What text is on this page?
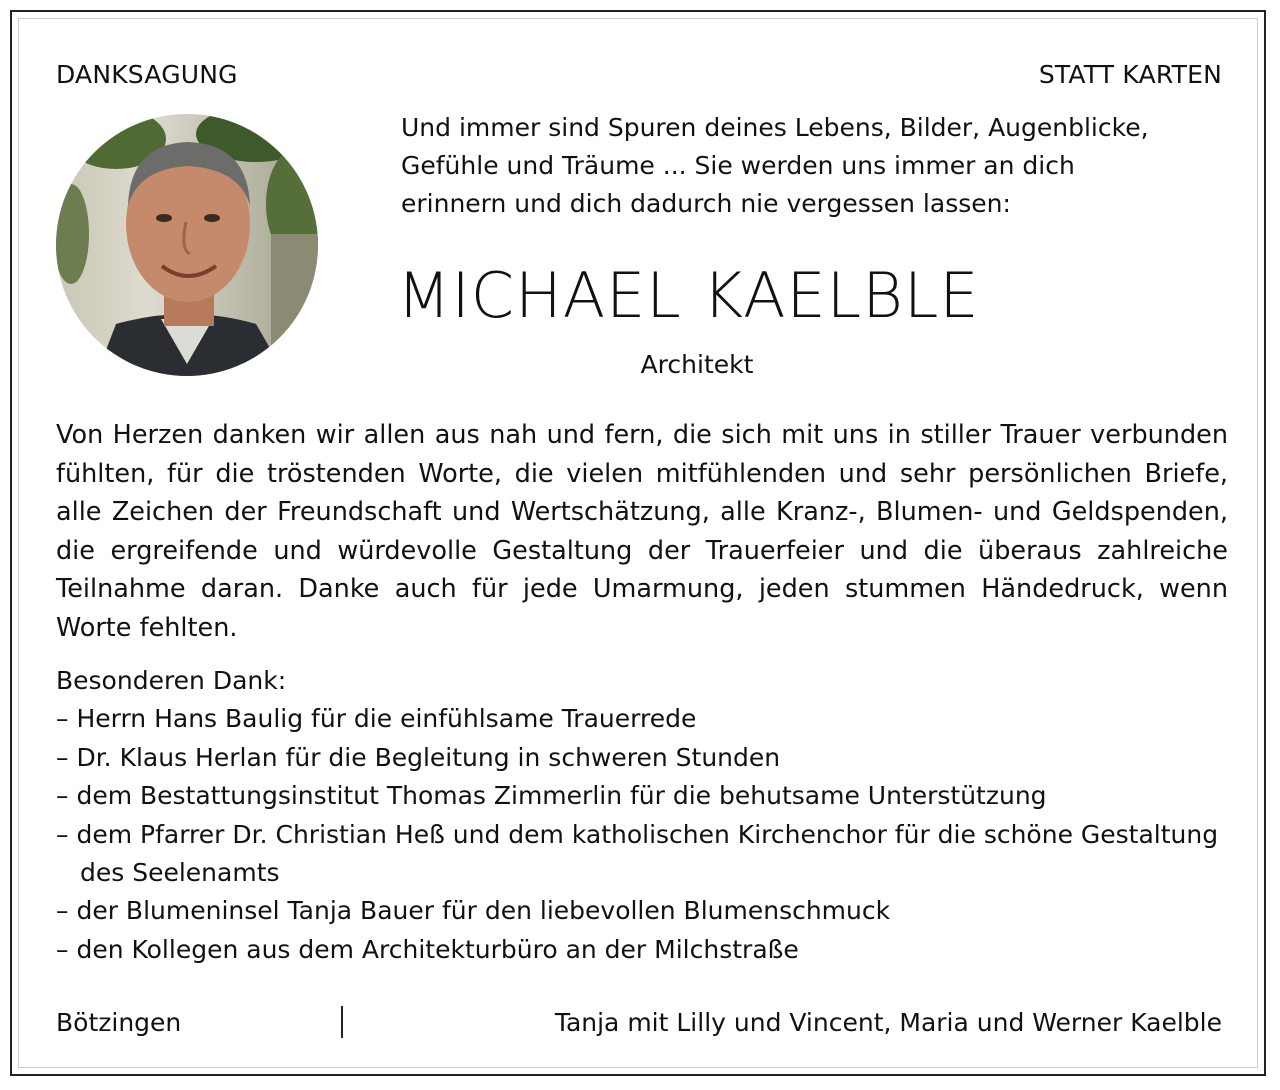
DANKSAGUNG	STATT KARTEN
Und immer sind Spuren deines Lebens, Bilder, Augenblicke,
Gefühle und Träume ... Sie werden uns immer an dich
erinnern und dich dadurch nie vergessen lassen:
MICHAEL KAELBLE
Architekt

Von Herzen danken wir allen aus nah und fern, die sich mit uns in stiller Trauer verbunden fühlten, für die tröstenden Worte, die vielen mitfühlenden und sehr persönlichen Briefe, alle Zeichen der Freundschaft und Wertschätzung, alle Kranz-, Blumen- und Geldspenden, die ergreifende und würdevolle Gestaltung der Trauerfeier und die überaus zahlreiche Teilnahme daran. Danke auch für jede Umarmung, jeden stummen Händedruck, wenn Worte fehlten.

Besonderen Dank:
– Herrn Hans Baulig für die einfühlsame Trauerrede
– Dr. Klaus Herlan für die Begleitung in schweren Stunden
– dem Bestattungsinstitut Thomas Zimmerlin für die behutsame Unterstützung
– dem Pfarrer Dr. Christian Heß und dem katholischen Kirchenchor für die schöne Gestaltung des Seelenamts
– der Blumeninsel Tanja Bauer für den liebevollen Blumenschmuck
– den Kollegen aus dem Architekturbüro an der Milchstraße
Bötzingen	Tanja mit Lilly und Vincent, Maria und Werner Kaelble
